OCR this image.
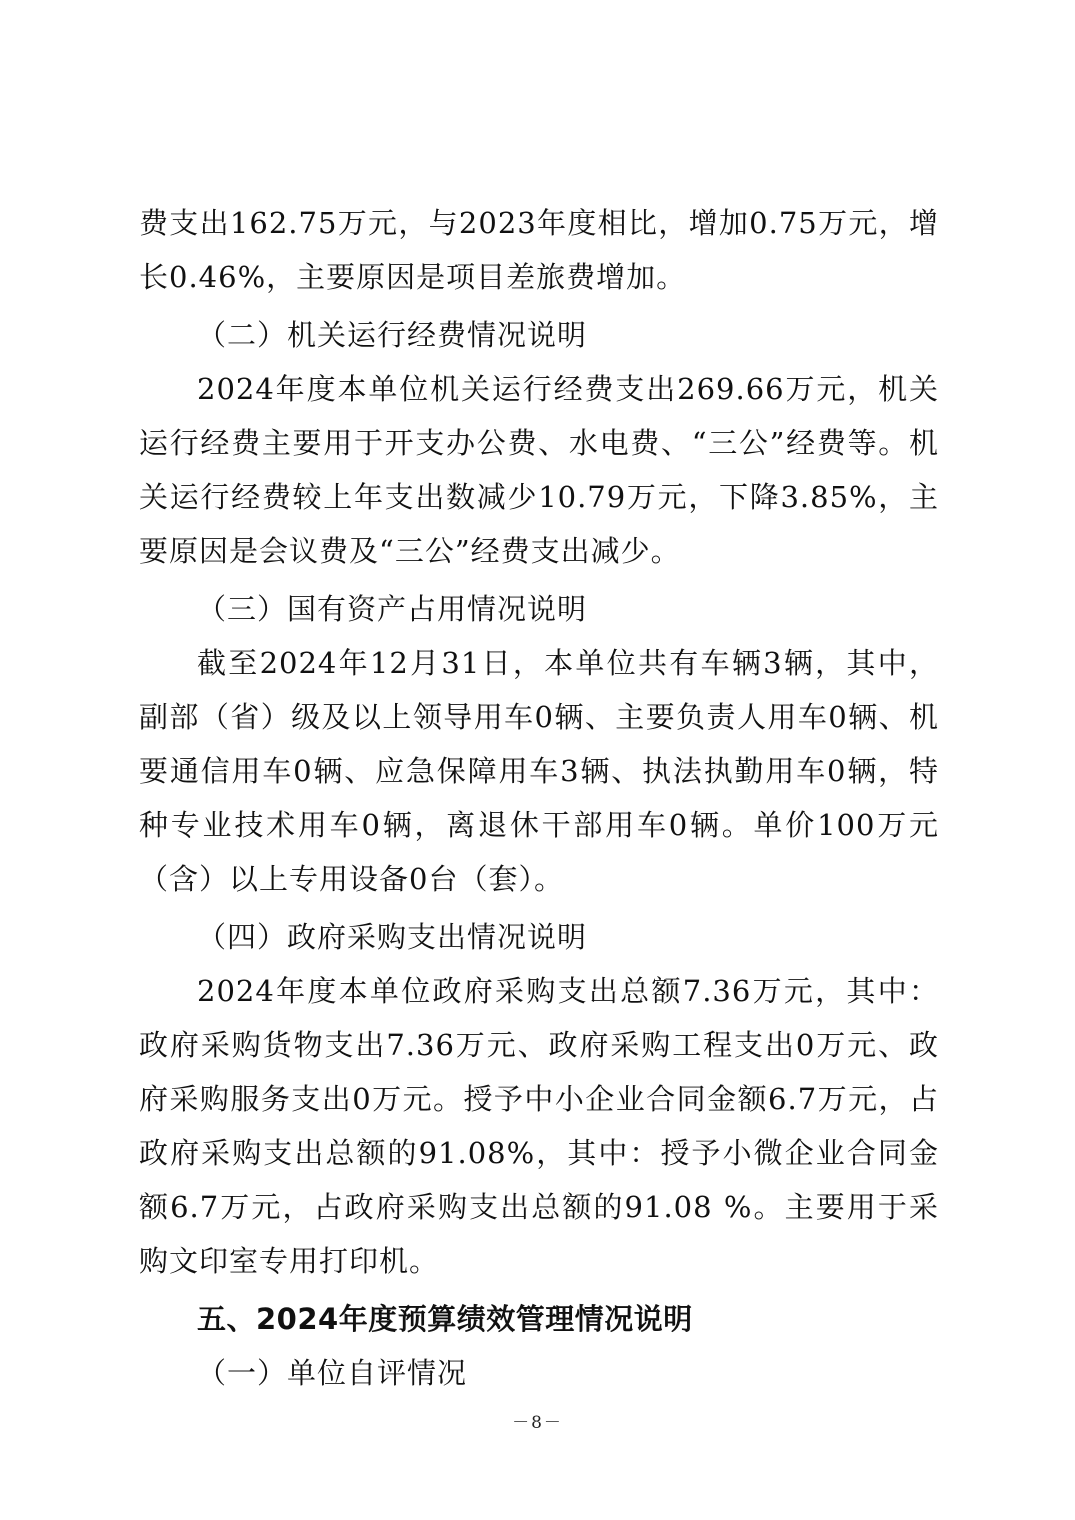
费支出162.75万元，与2023年度相比，增加0.75万元，增长0.46%，主要原因是项目差旅费增加。

（二）机关运行经费情况说明

2024年度本单位机关运行经费支出269.66万元，机关运行经费主要用于开支办公费、水电费、“三公”经费等。机关运行经费较上年支出数减少10.79万元，下降3.85%，主要原因是会议费及“三公”经费支出减少。

（三）国有资产占用情况说明

截至2024年12月31日，本单位共有车辆3辆，其中，副部（省）级及以上领导用车0辆、主要负责人用车0辆、机要通信用车0辆、应急保障用车3辆、执法执勤用车0辆，特种专业技术用车0辆，离退休干部用车0辆。单价100万元（含）以上专用设备0台（套）。

（四）政府采购支出情况说明

2024年度本单位政府采购支出总额7.36万元，其中：政府采购货物支出7.36万元、政府采购工程支出0万元、政府采购服务支出0万元。授予中小企业合同金额6.7万元，占政府采购支出总额的91.08%，其中：授予小微企业合同金额6.7万元，占政府采购支出总额的91.08 %。主要用于采购文印室专用打印机。

五、2024年度预算绩效管理情况说明

（一）单位自评情况

－8－
